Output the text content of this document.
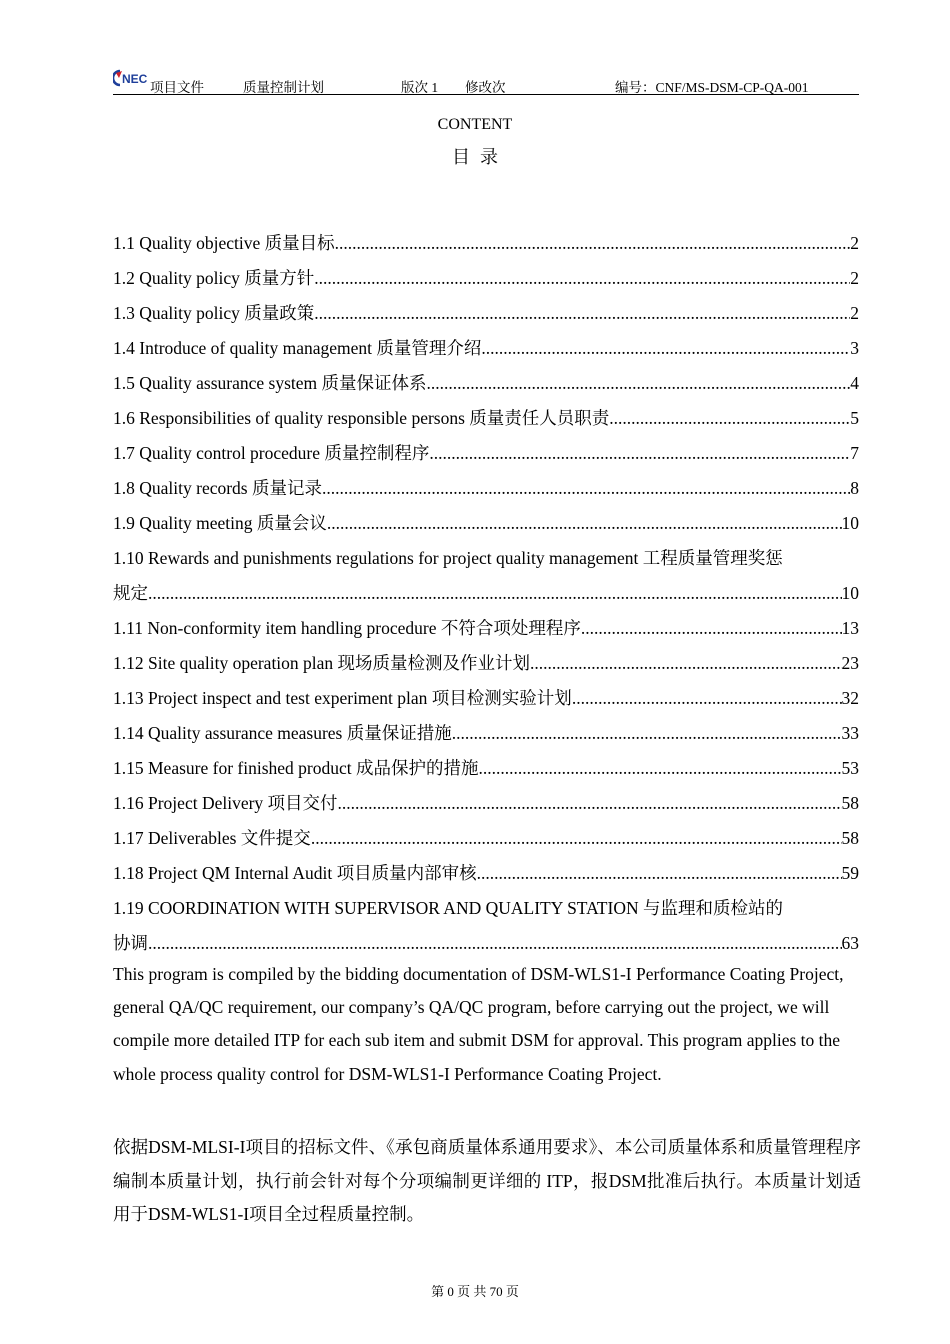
NEC
项目文件	质量控制计划	版次 1 修改次	编号：CNF/MS-DSM-CP-QA-001
CONTENT
目录
1.1 Quality objective 质量目标 .....	2
1.2 Quality policy 质量方针 .....	2
1.3 Quality policy 质量政策 .....	2
1.4 Introduce of quality management 质量管理介绍 .....	3
1.5 Quality assurance system 质量保证体系 .....	4
1.6 Responsibilities of quality responsible persons 质量责任人员职责 .....	5
1.7 Quality control procedure 质量控制程序 .....	7
1.8 Quality records 质量记录 .....	8
1.9 Quality meeting 质量会议 .....	10
1.10 Rewards and punishments regulations for project quality management 工程质量管理奖惩
规定 .....	10
1.11 Non-conformity item handling procedure 不符合项处理程序 .....	13
1.12 Site quality operation plan 现场质量检测及作业计划 .....	23
1.13 Project inspect and test experiment plan 项目检测实验计划 .....	32
1.14 Quality assurance measures 质量保证措施 .....	33
1.15 Measure for finished product 成品保护的措施 .....	53
1.16 Project Delivery 项目交付 .....	58
1.17 Deliverables 文件提交 .....	58
1.18 Project QM Internal Audit 项目质量内部审核 .....	59
1.19 COORDINATION WITH SUPERVISOR AND QUALITY STATION 与监理和质检站的
协调 .....	63
This program is compiled by the bidding documentation of DSM-WLS1-I Performance Coating Project, general QA/QC requirement, our company’s QA/QC program, before carrying out the project, we will compile more detailed ITP for each sub item and submit DSM for approval. This program applies to the whole process quality control for DSM-WLS1-I Performance Coating Project.
依据DSM-MLSI-I项目的招标文件、《承包商质量体系通用要求》、本公司质量体系和质量管理程序编制本质量计划，执行前会针对每个分项编制更详细的 ITP，报DSM批准后执行。本质量计划适用于DSM-WLS1-I项目全过程质量控制。
第 0 页 共 70 页
